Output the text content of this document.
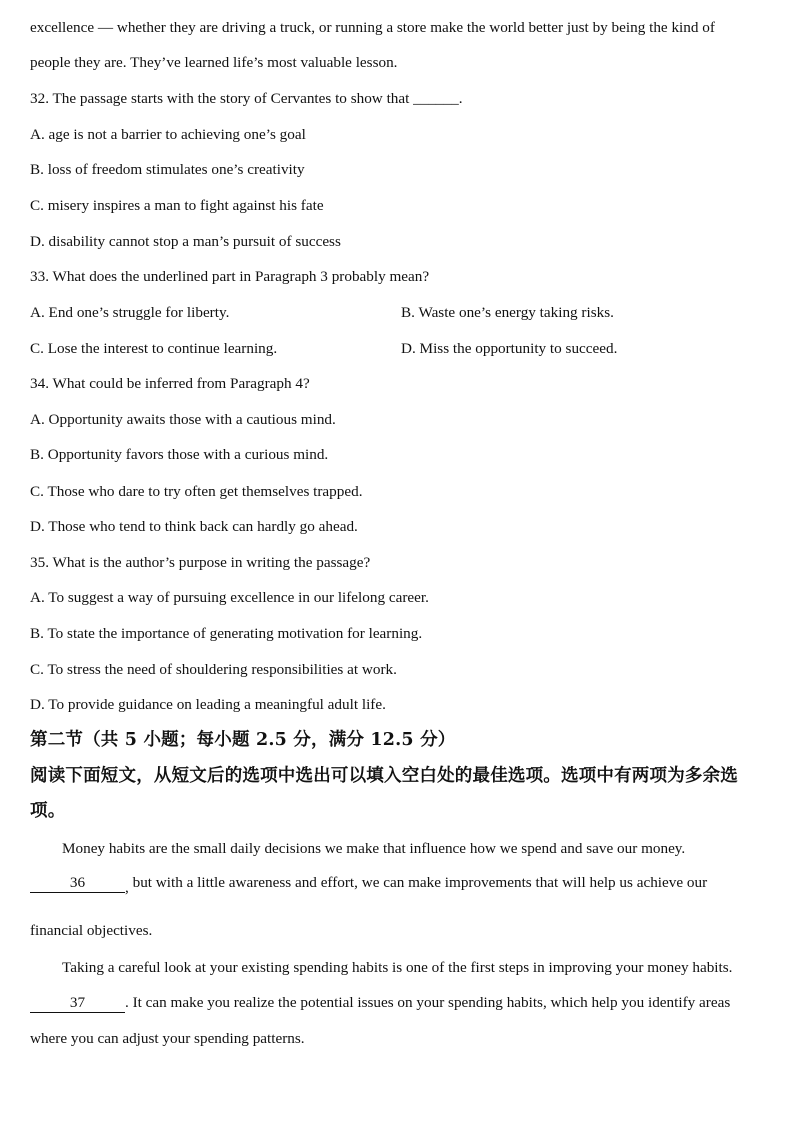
excellence — whether they are driving a truck, or running a store make the world better just by being the kind of
people they are. They’ve learned life’s most valuable lesson.
32. The passage starts with the story of Cervantes to show that ______.
A. age is not a barrier to achieving one’s goal
B. loss of freedom stimulates one’s creativity
C. misery inspires a man to fight against his fate
D. disability cannot stop a man’s pursuit of success
33. What does the underlined part in Paragraph 3 probably mean?
A. End one’s struggle for liberty.	B. Waste one’s energy taking risks.
C. Lose the interest to continue learning.	D. Miss the opportunity to succeed.
34. What could be inferred from Paragraph 4?
A. Opportunity awaits those with a cautious mind.
B. Opportunity favors those with a curious mind.
C. Those who dare to try often get themselves trapped.
D. Those who tend to think back can hardly go ahead.
35. What is the author’s purpose in writing the passage?
A. To suggest a way of pursuing excellence in our lifelong career.
B. To state the importance of generating motivation for learning.
C. To stress the need of shouldering responsibilities at work.
D. To provide guidance on leading a meaningful adult life.
第二节（共 5 小题；每小题 2.5 分，满分 12.5 分）
阅读下面短文，从短文后的选项中选出可以填入空白处的最佳选项。选项中有两项为多余选
项。
Money habits are the small daily decisions we make that influence how we spend and save our money.
36	, but with a little awareness and effort, we can make improvements that will help us achieve our
financial objectives.
Taking a careful look at your existing spending habits is one of the first steps in improving your money habits.
37	. It can make you realize the potential issues on your spending habits, which help you identify areas
where you can adjust your spending patterns.
